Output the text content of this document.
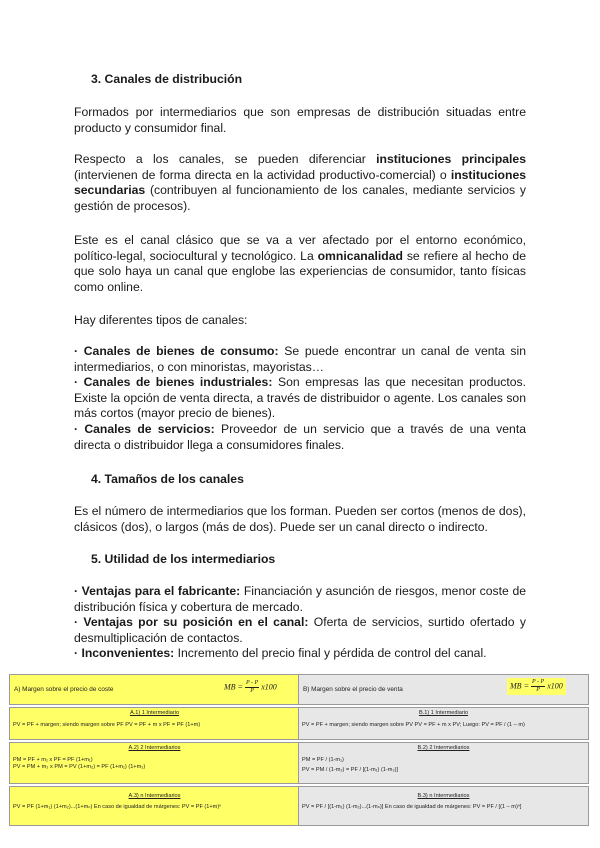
3. Canales de distribución
Formados por intermediarios que son empresas de distribución situadas entre producto y consumidor final.
Respecto a los canales, se pueden diferenciar instituciones principales (intervienen de forma directa en la actividad productivo-comercial) o instituciones secundarias (contribuyen al funcionamiento de los canales, mediante servicios y gestión de procesos).
Este es el canal clásico que se va a ver afectado por el entorno económico, político-legal, sociocultural y tecnológico. La omnicanalidad se refiere al hecho de que solo haya un canal que englobe las experiencias de consumidor, tanto físicas como online.
Hay diferentes tipos de canales:
· Canales de bienes de consumo: Se puede encontrar un canal de venta sin intermediarios, o con minoristas, mayoristas…
· Canales de bienes industriales: Son empresas las que necesitan productos. Existe la opción de venta directa, a través de distribuidor o agente. Los canales son más cortos (mayor precio de bienes).
· Canales de servicios: Proveedor de un servicio que a través de una venta directa o distribuidor llega a consumidores finales.
4. Tamaños de los canales
Es el número de intermediarios que los forman. Pueden ser cortos (menos de dos), clásicos (dos), o largos (más de dos). Puede ser un canal directo o indirecto.
5. Utilidad de los intermediarios
· Ventajas para el fabricante: Financiación y asunción de riesgos, menor coste de distribución física y cobertura de mercado.
· Ventajas por su posición en el canal: Oferta de servicios, surtido ofertado y desmultiplicación de contactos.
· Inconvenientes: Incremento del precio final y pérdida de control del canal.
A) Margen sobre el precio de coste	MB = $\frac{P - P}{P} x100$
A.1) 1 Intermediario
PV = PF + margen; siendo margen sobre PF PV = PF + m x PF = PF (1+m)
A.2) 2 Intermediarios
PM = PF + m₁ x PF = PF (1+m₁)
PV = PM + m₂ x PM = PV (1+m₂) = PF (1+m₁) (1+m₂)
A.3) n Intermediarios
PV = PF (1+m₁) (1+m₂)...(1+mₙ) En caso de igualdad de márgenes: PV = PF (1+m)ⁿ
B) Margen sobre el precio de venta	MB = $\frac{P - P}{P} x100$
B.1) 1 Intermediario
PV = PF + margen; siendo margen sobre PV PV = PF + m x PV; Luego: PV = PF / (1 – m)
B.2) 2 Intermediarios
PM = PF / (1-m₁)
PV = PM / (1-m₂) = PF / [(1-m₁) (1-m₂)]
B.3) n Intermediarios
PV = PF / [(1-m₁) (1-m₂)...(1-mₙ)] En caso de igualdad de márgenes: PV = PF / [(1 – m)ⁿ]
